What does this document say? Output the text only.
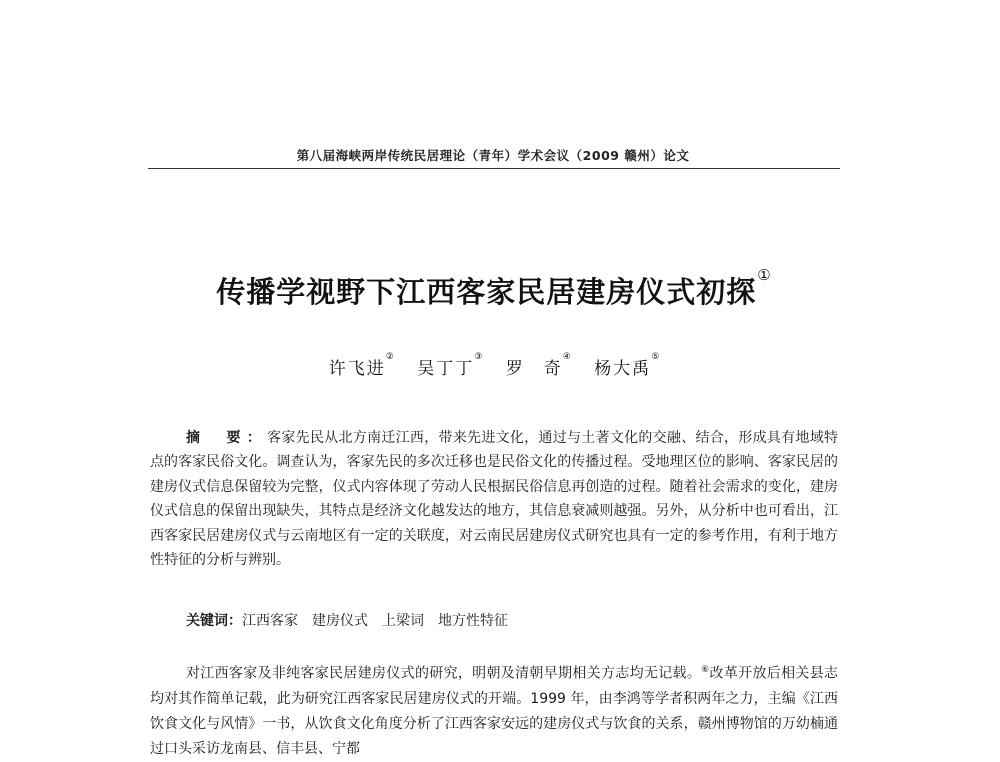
第八届海峡两岸传统民居理论（青年）学术会议（2009 赣州）论文
传播学视野下江西客家民居建房仪式初探①
许飞进② 吴丁丁③ 罗　奇④ 杨大禹⑤

摘　要：客家先民从北方南迁江西，带来先进文化，通过与土著文化的交融、结合，形成具有地域特点的客家民俗文化。调查认为，客家先民的多次迁移也是民俗文化的传播过程。受地理区位的影响、客家民居的建房仪式信息保留较为完整，仪式内容体现了劳动人民根据民俗信息再创造的过程。随着社会需求的变化，建房仪式信息的保留出现缺失，其特点是经济文化越发达的地方，其信息衰减则越强。另外，从分析中也可看出，江西客家民居建房仪式与云南地区有一定的关联度，对云南民居建房仪式研究也具有一定的参考作用，有利于地方性特征的分析与辨别。

关键词：江西客家 建房仪式 上梁词 地方性特征

对江西客家及非纯客家民居建房仪式的研究，明朝及清朝早期相关方志均无记载。⑥改革开放后相关县志均对其作简单记载，此为研究江西客家民居建房仪式的开端。1999 年，由李鸿等学者积两年之力，主编《江西饮食文化与风情》一书，从饮食文化角度分析了江西客家安远的建房仪式与饮食的关系，赣州博物馆的万幼楠通过口头采访龙南县、信丰县、宁都
